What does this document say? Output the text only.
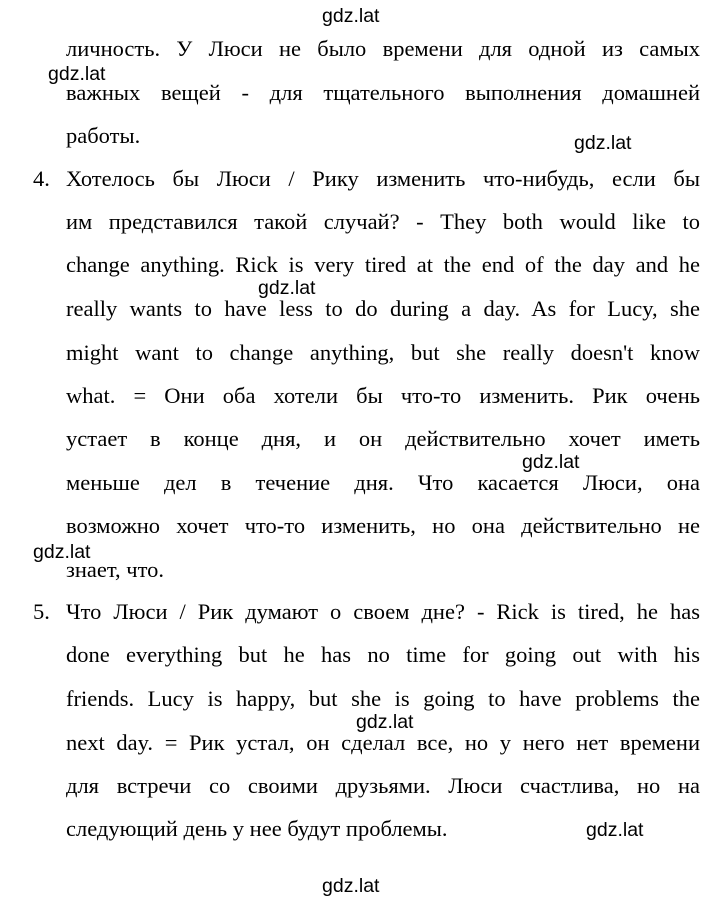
gdz.lat
gdz.lat
gdz.lat
gdz.lat
gdz.lat
gdz.lat
gdz.lat
gdz.lat
gdz.lat
личность. У Люси не было времени для одной из самых
важных вещей - для тщательного выполнения домашней
работы.
4. Хотелось бы Люси / Рику изменить что-нибудь, если бы
им представился такой случай? - They both would like to
change anything. Rick is very tired at the end of the day and he
really wants to have less to do during a day. As for Lucy, she
might want to change anything, but she really doesn't know
what. = Они оба хотели бы что-то изменить. Рик очень
устает в конце дня, и он действительно хочет иметь
меньше дел в течение дня. Что касается Люси, она
возможно хочет что-то изменить, но она действительно не
знает, что.
5. Что Люси / Рик думают о своем дне? - Rick is tired, he has
done everything but he has no time for going out with his
friends. Lucy is happy, but she is going to have problems the
next day. = Рик устал, он сделал все, но у него нет времени
для встречи со своими друзьями. Люси счастлива, но на
следующий день у нее будут проблемы.
